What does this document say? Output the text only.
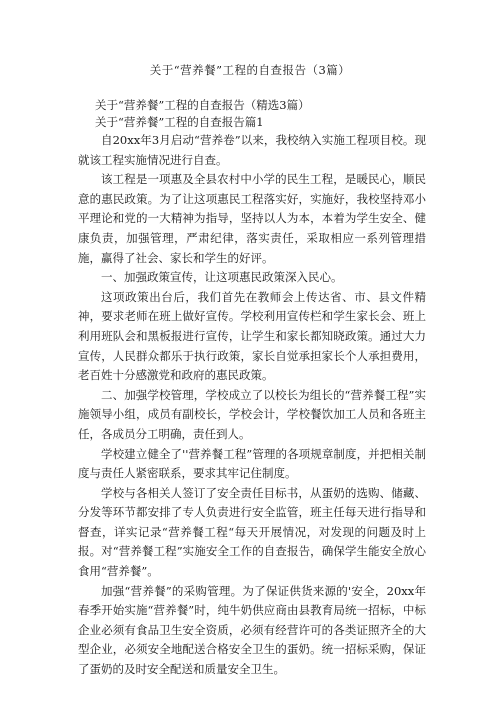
关于“营养餐”工程的自查报告（3篇）
关于“营养餐”工程的自查报告（精选3篇）
关于“营养餐”工程的自查报告篇1

自20xx年3月启动“营养卷”以来，我校纳入实施工程项目校。现就该工程实施情况进行自查。

该工程是一项惠及全县农村中小学的民生工程，是暖民心，顺民意的惠民政策。为了让这项惠民工程落实好，实施好，我校坚持邓小平理论和党的一大精神为指导，坚持以人为本，本着为学生安全、健康负责，加强管理，严肃纪律，落实责任，采取相应一系列管理措施，赢得了社会、家长和学生的好评。

一、加强政策宣传，让这项惠民政策深入民心。

这项政策出台后，我们首先在教师会上传达省、市、县文件精神，要求老师在班上做好宣传。学校利用宣传栏和学生家长会、班上利用班队会和黑板报进行宣传，让学生和家长都知晓政策。通过大力宣传，人民群众都乐于执行政策，家长自觉承担家长个人承担费用，老百姓十分感激党和政府的惠民政策。

二、加强学校管理，学校成立了以校长为组长的“营养餐工程”实施领导小组，成员有副校长，学校会计，学校餐饮加工人员和各班主任，各成员分工明确，责任到人。

学校建立健全了''营养餐工程”管理的各项规章制度，并把相关制度与责任人紧密联系，要求其牢记住制度。

学校与各相关人签订了安全责任目标书，从蛋奶的选购、储藏、分发等环节都安排了专人负责进行安全监管，班主任每天进行指导和督查，详实记录“营养餐工程“每天开展情况，对发现的问题及时上报。对“营养餐工程”实施安全工作的自查报告，确保学生能安全放心食用“营养餐”。

加强“营养餐”的采购管理。为了保证供货来源的'安全，20xx年春季开始实施“营养餐”时，纯牛奶供应商由县教育局统一招标，中标企业必须有食品卫生安全资质，必须有经营许可的各类证照齐全的大型企业，必须安全地配送合格安全卫生的蛋奶。统一招标采购，保证了蛋奶的及时安全配送和质量安全卫生。
